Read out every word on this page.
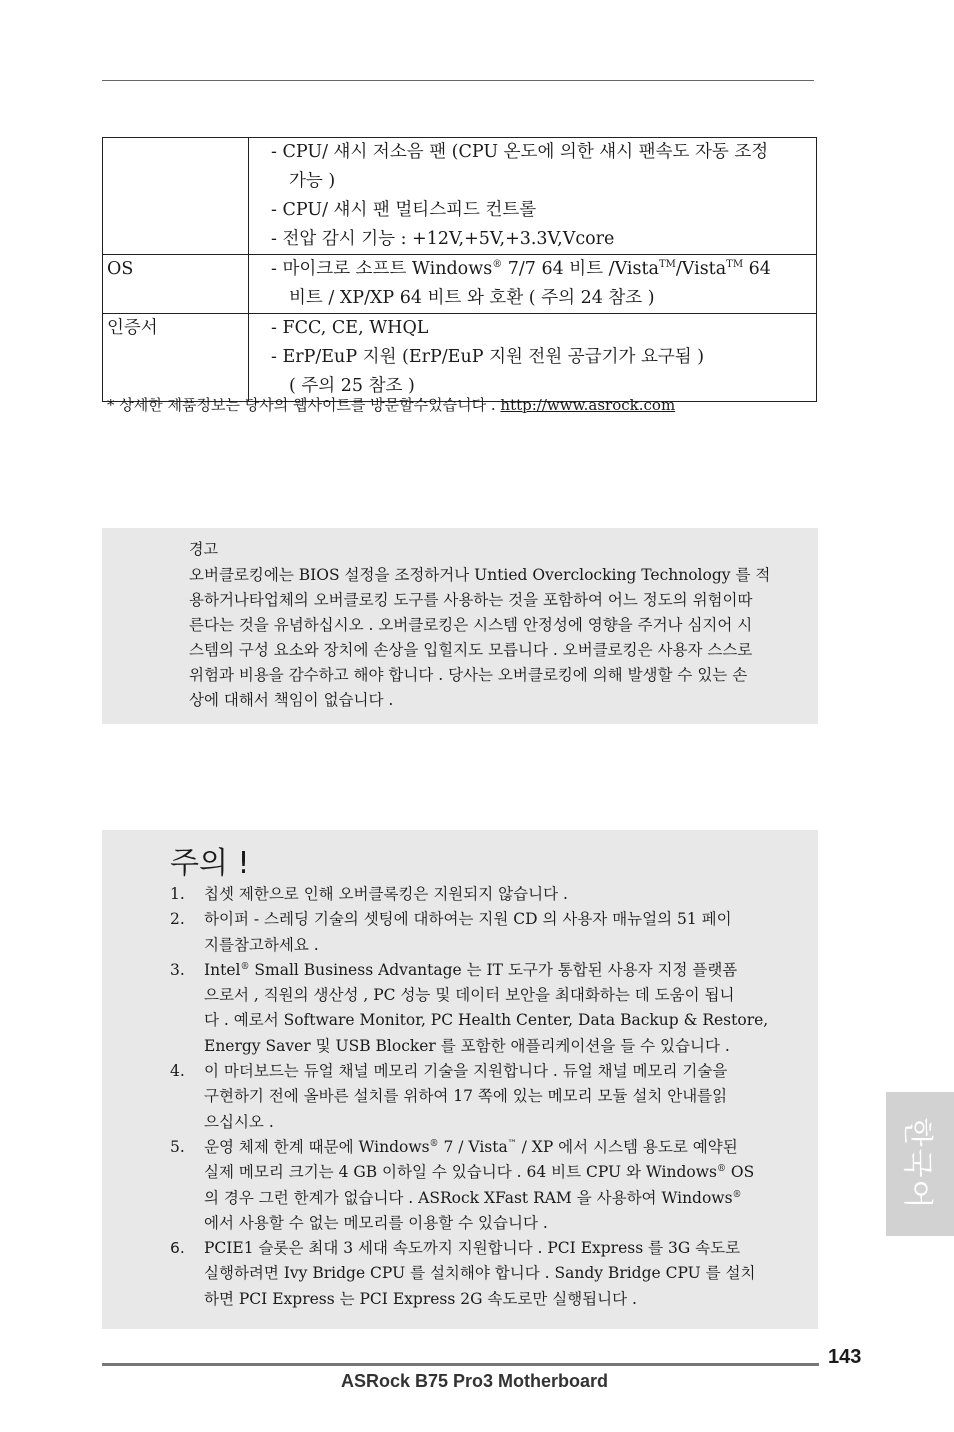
	- CPU/ 섀시 저소음 팬 (CPU 온도에 의한 섀시 팬속도 자동 조정
가능 )
- CPU/ 섀시 팬 멀티스피드 컨트롤
- 전압 감시 기능 : +12V,+5V,+3.3V,Vcore

OS	- 마이크로 소프트 Windows® 7/7 64 비트 /Vista™/Vista™ 64
비트 / XP/XP 64 비트 와 호환 ( 주의 24 참조 )

인증서	- FCC, CE, WHQL
- ErP/EuP 지원 (ErP/EuP 지원 전원 공급기가 요구됨 )
( 주의 25 참조 )
* 상세한 제품정보는 당사의 웹사이트를 방문할수있습니다 . http://www.asrock.com
경고
오버클로킹에는 BIOS 설정을 조정하거나 Untied Overclocking Technology 를 적
용하거나타업체의 오버클로킹 도구를 사용하는 것을 포함하여 어느 정도의 위험이따
른다는 것을 유념하십시오 . 오버클로킹은 시스템 안정성에 영향을 주거나 심지어 시
스템의 구성 요소와 장치에 손상을 입힐지도 모릅니다 . 오버클로킹은 사용자 스스로
위험과 비용을 감수하고 해야 합니다 . 당사는 오버클로킹에 의해 발생할 수 있는 손
상에 대해서 책임이 없습니다 .
주의 !
1. 칩셋 제한으로 인해 오버클록킹은 지원되지 않습니다 .
2. 하이퍼 - 스레딩 기술의 셋팅에 대하여는 지원 CD 의 사용자 매뉴얼의 51 페이
지를참고하세요 .
3. Intel® Small Business Advantage 는 IT 도구가 통합된 사용자 지정 플랫폼
으로서 , 직원의 생산성 , PC 성능 및 데이터 보안을 최대화하는 데 도움이 됩니
다 . 예로서 Software Monitor, PC Health Center, Data Backup & Restore,
Energy Saver 및 USB Blocker 를 포함한 애플리케이션을 들 수 있습니다 .
4. 이 마더보드는 듀얼 채널 메모리 기술을 지원합니다 . 듀얼 채널 메모리 기술을
구현하기 전에 올바른 설치를 위하여 17 쪽에 있는 메모리 모듈 설치 안내를읽
으십시오 .
5. 운영 체제 한계 때문에 Windows® 7 / Vista™ / XP 에서 시스템 용도로 예약된
실제 메모리 크기는 4 GB 이하일 수 있습니다 . 64 비트 CPU 와 Windows® OS
의 경우 그런 한계가 없습니다 . ASRock XFast RAM 을 사용하여 Windows®
에서 사용할 수 없는 메모리를 이용할 수 있습니다 .
6. PCIE1 슬롯은 최대 3 세대 속도까지 지원합니다 . PCI Express 를 3G 속도로
실행하려면 Ivy Bridge CPU 를 설치해야 합니다 . Sandy Bridge CPU 를 설치
하면 PCI Express 는 PCI Express 2G 속도로만 실행됩니다 .
한국어
143
ASRock B75 Pro3 Motherboard
